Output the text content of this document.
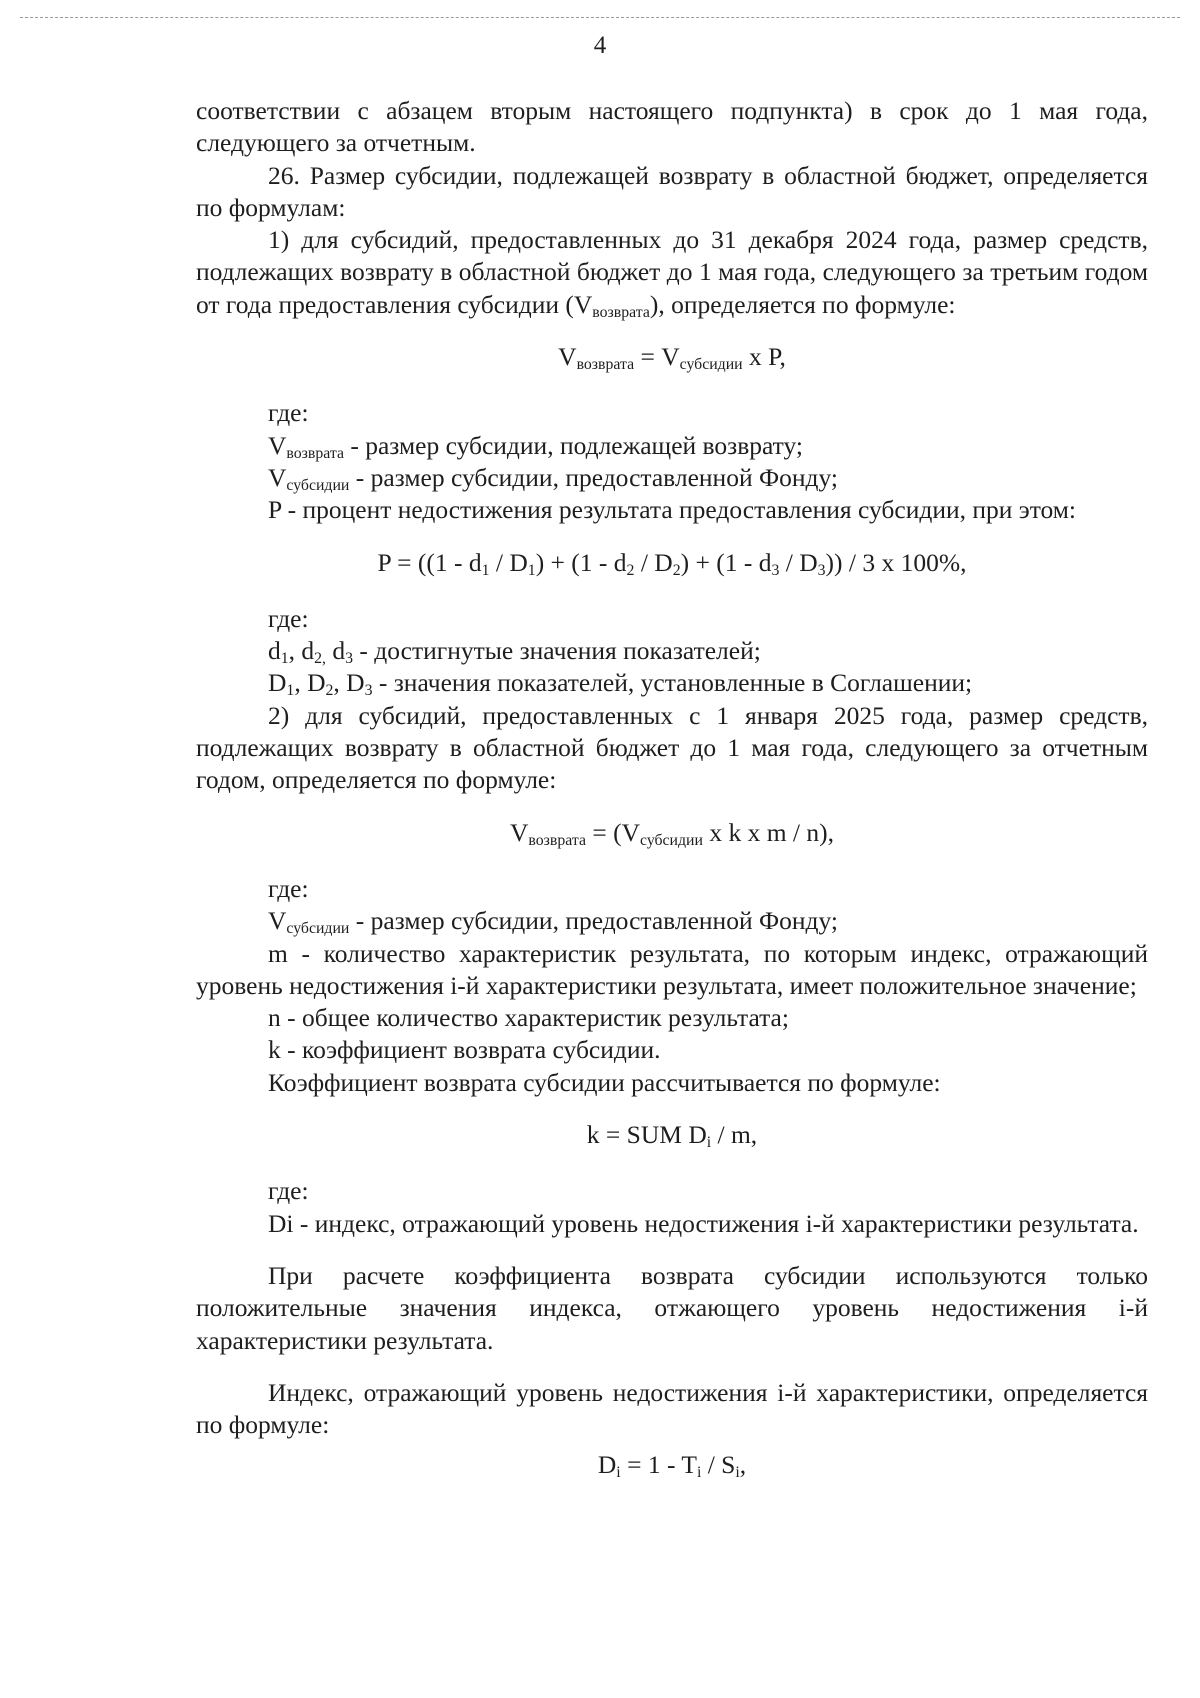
4

соответствии с абзацем вторым настоящего подпункта) в срок до 1 мая года, следующего за отчетным.

26. Размер субсидии, подлежащей возврату в областной бюджет, определяется по формулам:

1) для субсидий, предоставленных до 31 декабря 2024 года, размер средств, подлежащих возврату в областной бюджет до 1 мая года, следующего за третьим годом от года предоставления субсидии $(V_{возврата})$, определяется по формуле:

$V_{возврата} = V_{субсидии}$ х P,

где:

$V_{возврата}$ - размер субсидии, подлежащей возврату;

$V_{субсидии}$ - размер субсидии, предоставленной Фонду;

P - процент недостижения результата предоставления субсидии, при этом:

$P = ((1 - d_1 / D_1) + (1 - d_2 / D_2) + (1 - d_3 / D_3)) / 3$ х 100%,

где:

$d_1$, $d_{2,}$ $d_3$ - достигнутые значения показателей;

$D_1$, $D_2$, $D_3$ - значения показателей, установленные в Соглашении;

2) для субсидий, предоставленных с 1 января 2025 года, размер средств, подлежащих возврату в областной бюджет до 1 мая года, следующего за отчетным годом, определяется по формуле:

$V_{возврата} = (V_{субсидии}$ х k х m / n),

где:

$V_{субсидии}$ - размер субсидии, предоставленной Фонду;

m - количество характеристик результата, по которым индекс, отражающий уровень недостижения i-й характеристики результата, имеет положительное значение;

n - общее количество характеристик результата;

k - коэффициент возврата субсидии.

Коэффициент возврата субсидии рассчитывается по формуле:

k = SUM $D_i$ / m,

где:

Di - индекс, отражающий уровень недостижения i-й характеристики результата.

При расчете коэффициента возврата субсидии используются только положительные значения индекса, отжающего уровень недостижения i-й характеристики результата.

Индекс, отражающий уровень недостижения i-й характеристики, определяется по формуле:

$D_i = 1 - T_i / S_i$,
